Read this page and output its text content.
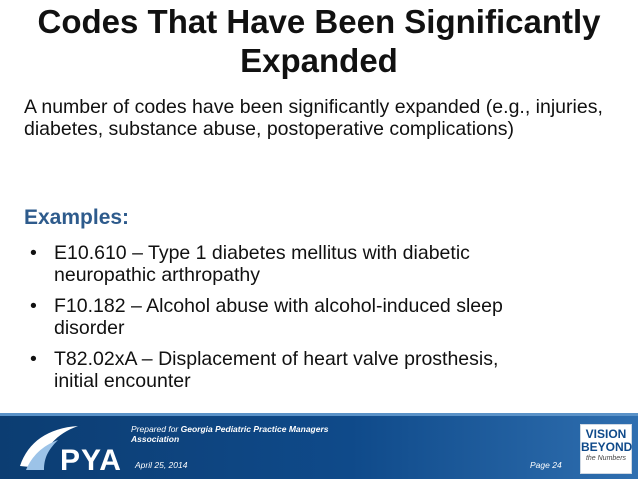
Codes That Have Been Significantly
Expanded
A number of codes have been significantly expanded (e.g., injuries, diabetes, substance abuse, postoperative complications)
Examples:
• E10.610 – Type 1 diabetes mellitus with diabetic
neuropathic arthropathy
• F10.182 – Alcohol abuse with alcohol-induced sleep
disorder
• T82.02xA – Displacement of heart valve prosthesis,
initial encounter
PYA
Prepared for Georgia Pediatric Practice Managers Association
April 25, 2014	Page 24
VISION
BEYOND
the Numbers
